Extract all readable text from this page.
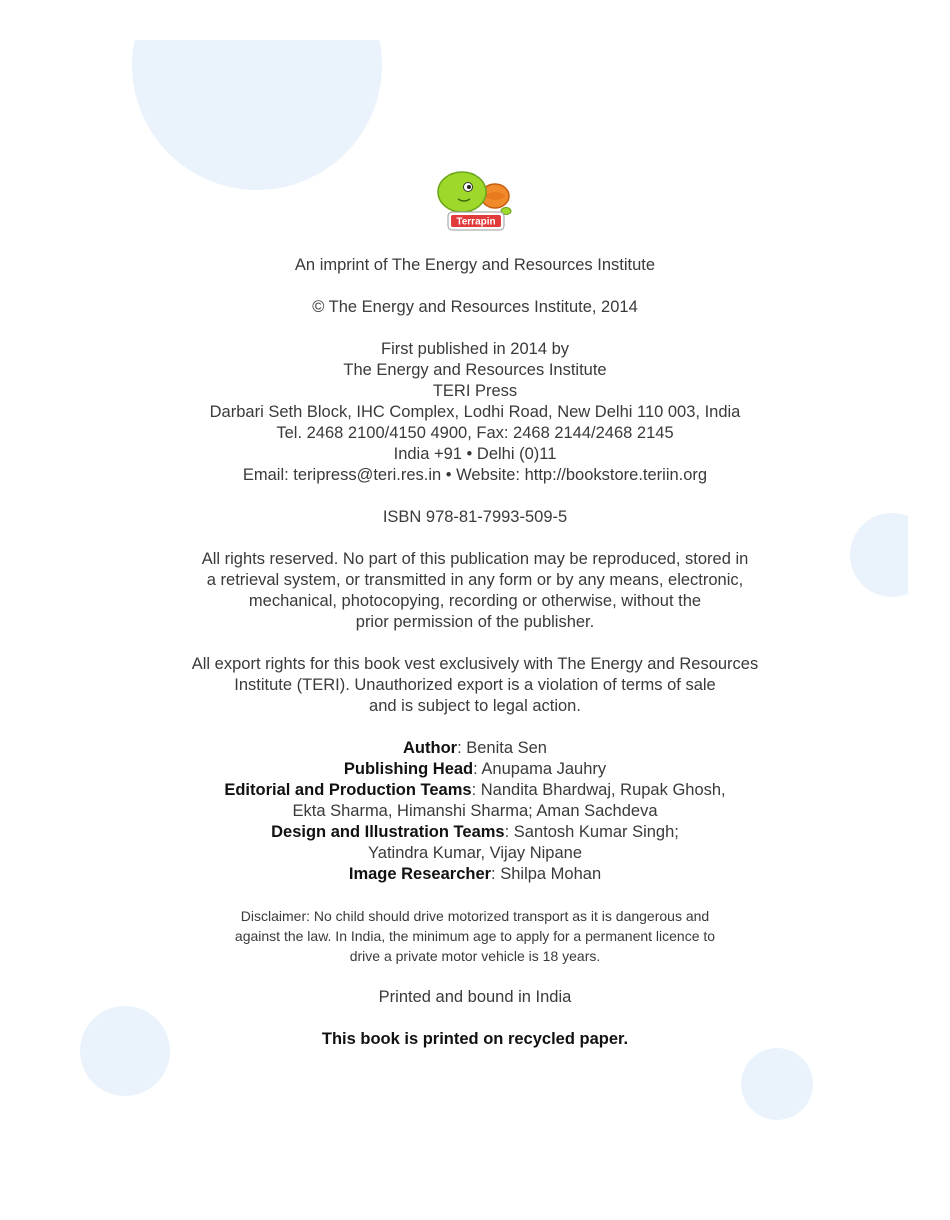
Terrapin
An imprint of The Energy and Resources Institute
© The Energy and Resources Institute, 2014
First published in 2014 by
The Energy and Resources Institute
TERI Press
Darbari Seth Block, IHC Complex, Lodhi Road, New Delhi 110 003, India
Tel. 2468 2100/4150 4900, Fax: 2468 2144/2468 2145
India +91 • Delhi (0)11
Email: teripress@teri.res.in • Website: http://bookstore.teriin.org
ISBN 978-81-7993-509-5
All rights reserved. No part of this publication may be reproduced, stored in
a retrieval system, or transmitted in any form or by any means, electronic,
mechanical, photocopying, recording or otherwise, without the
prior permission of the publisher.
All export rights for this book vest exclusively with The Energy and Resources
Institute (TERI). Unauthorized export is a violation of terms of sale
and is subject to legal action.
Author: Benita Sen
Publishing Head: Anupama Jauhry
Editorial and Production Teams: Nandita Bhardwaj, Rupak Ghosh,
Ekta Sharma, Himanshi Sharma; Aman Sachdeva
Design and Illustration Teams: Santosh Kumar Singh;
Yatindra Kumar, Vijay Nipane
Image Researcher: Shilpa Mohan
Disclaimer: No child should drive motorized transport as it is dangerous and
against the law. In India, the minimum age to apply for a permanent licence to
drive a private motor vehicle is 18 years.
Printed and bound in India
This book is printed on recycled paper.
